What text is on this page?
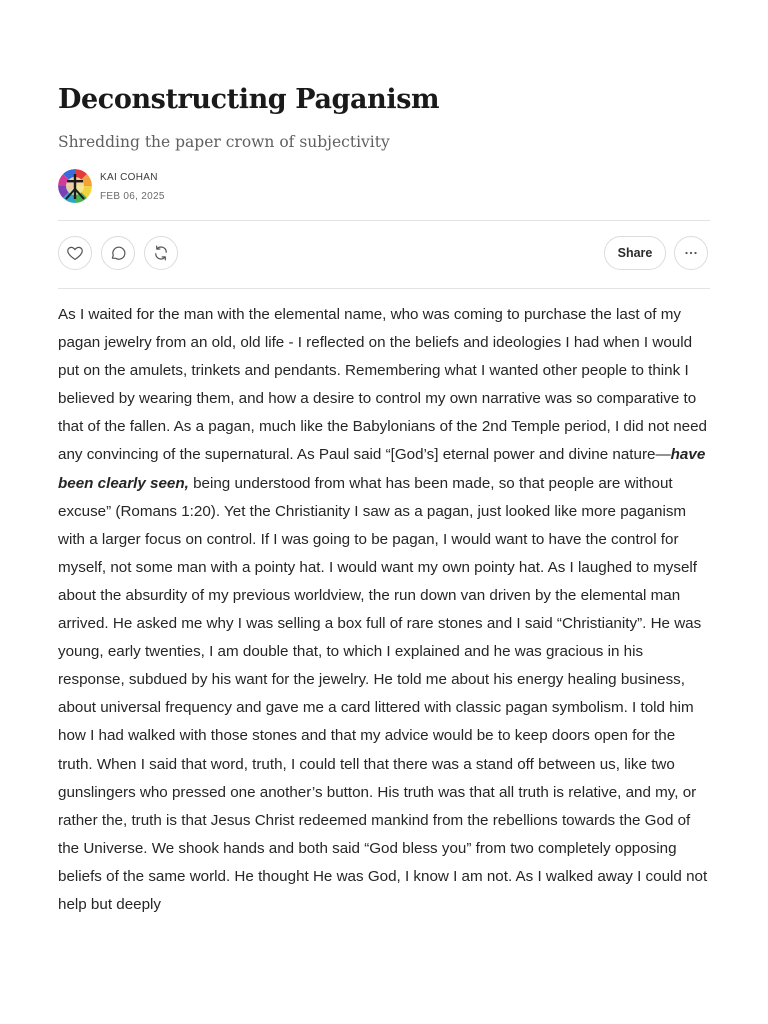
Deconstructing Paganism

Shredding the paper crown of subjectivity

KAI COHAN
FEB 06, 2025
Share

As I waited for the man with the elemental name, who was coming to purchase the last of my pagan jewelry from an old, old life - I reflected on the beliefs and ideologies I had when I would put on the amulets, trinkets and pendants. Remembering what I wanted other people to think I believed by wearing them, and how a desire to control my own narrative was so comparative to that of the fallen. As a pagan, much like the Babylonians of the 2nd Temple period, I did not need any convincing of the supernatural. As Paul said “[God’s] eternal power and divine nature—have been clearly seen, being understood from what has been made, so that people are without excuse” (Romans 1:20). Yet the Christianity I saw as a pagan, just looked like more paganism with a larger focus on control. If I was going to be pagan, I would want to have the control for myself, not some man with a pointy hat. I would want my own pointy hat. As I laughed to myself about the absurdity of my previous worldview, the run down van driven by the elemental man arrived. He asked me why I was selling a box full of rare stones and I said “Christianity”. He was young, early twenties, I am double that, to which I explained and he was gracious in his response, subdued by his want for the jewelry. He told me about his energy healing business, about universal frequency and gave me a card littered with classic pagan symbolism. I told him how I had walked with those stones and that my advice would be to keep doors open for the truth. When I said that word, truth, I could tell that there was a stand off between us, like two gunslingers who pressed one another’s button. His truth was that all truth is relative, and my, or rather the, truth is that Jesus Christ redeemed mankind from the rebellions towards the God of the Universe. We shook hands and both said “God bless you” from two completely opposing beliefs of the same world. He thought He was God, I know I am not. As I walked away I could not help but deeply
